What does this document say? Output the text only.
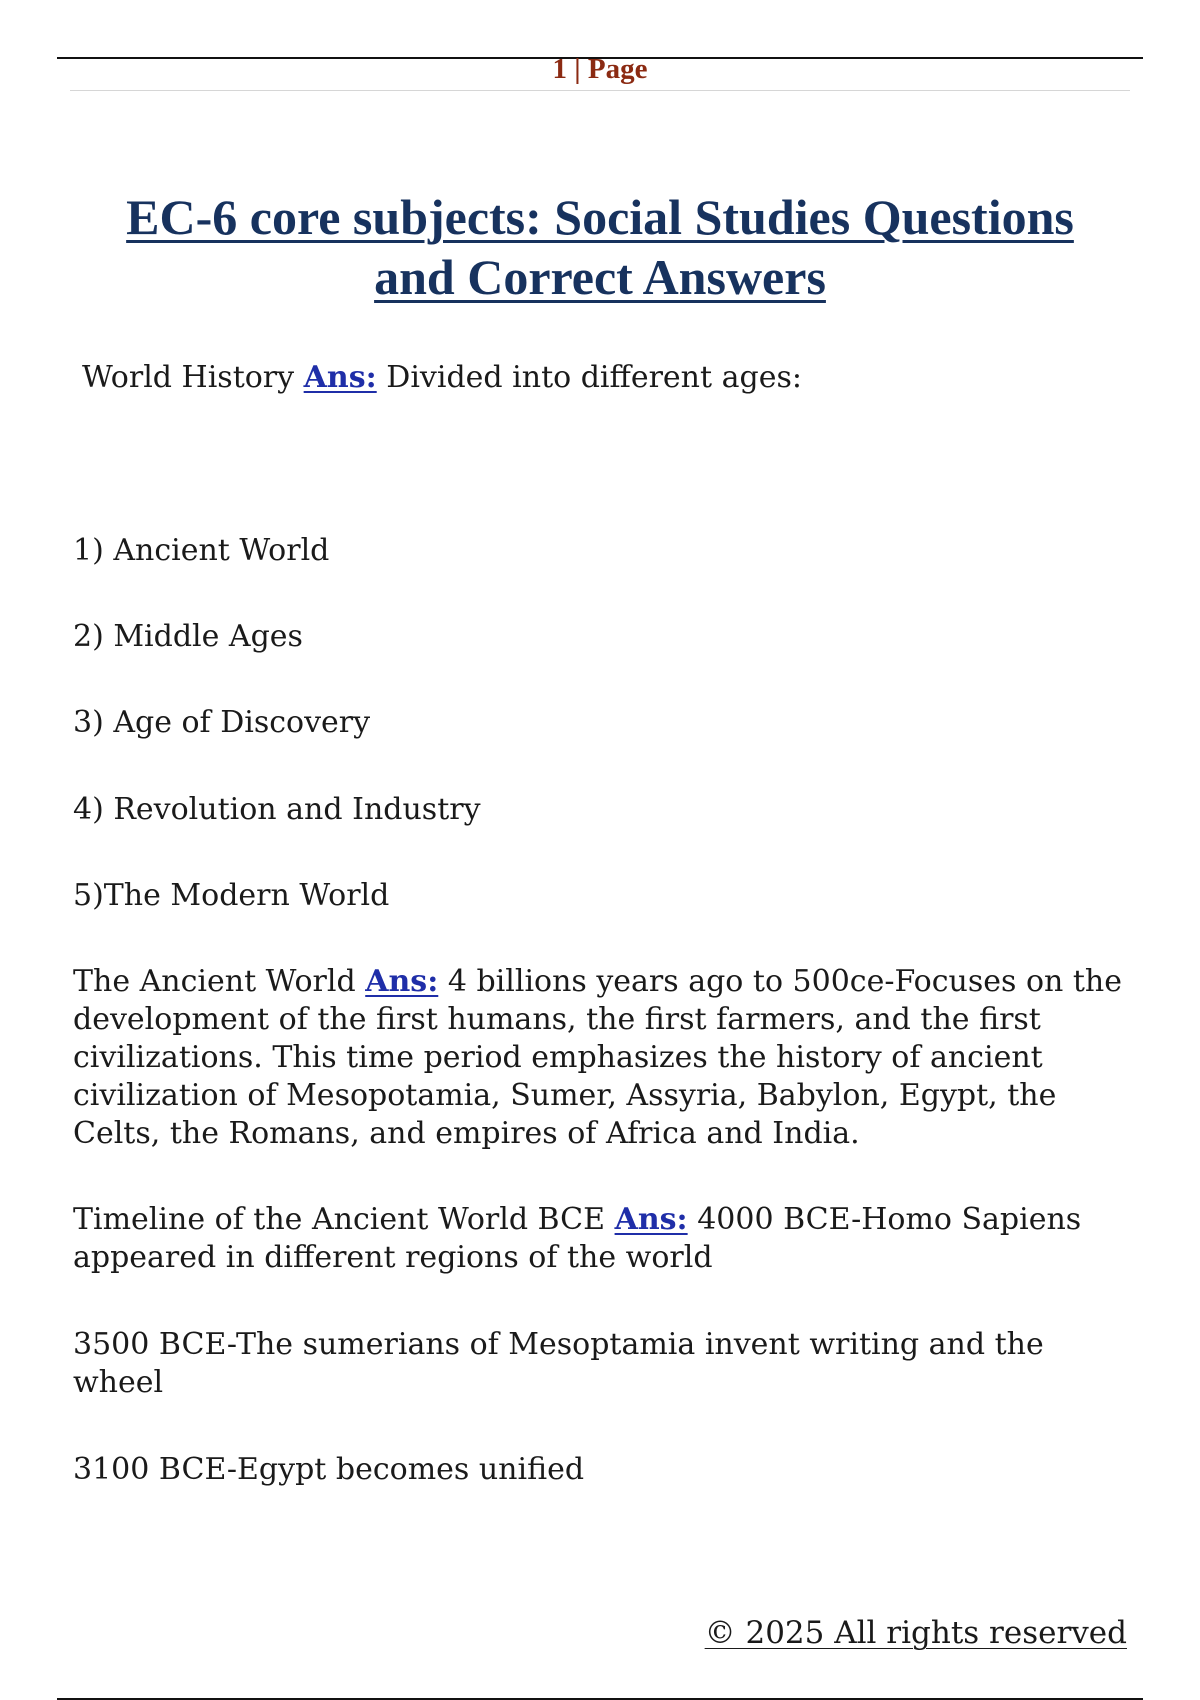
1 | Page
EC-6 core subjects: Social Studies Questions
and Correct Answers

World History Ans: Divided into different ages:

1) Ancient World

2) Middle Ages

3) Age of Discovery

4) Revolution and Industry

5)The Modern World

The Ancient World Ans: 4 billions years ago to 500ce-Focuses on the development of the first humans, the first farmers, and the first civilizations. This time period emphasizes the history of ancient civilization of Mesopotamia, Sumer, Assyria, Babylon, Egypt, the Celts, the Romans, and empires of Africa and India.

Timeline of the Ancient World BCE Ans: 4000 BCE-Homo Sapiens appeared in different regions of the world

3500 BCE-The sumerians of Mesoptamia invent writing and the wheel

3100 BCE-Egypt becomes unified

© 2025 All rights reserved
